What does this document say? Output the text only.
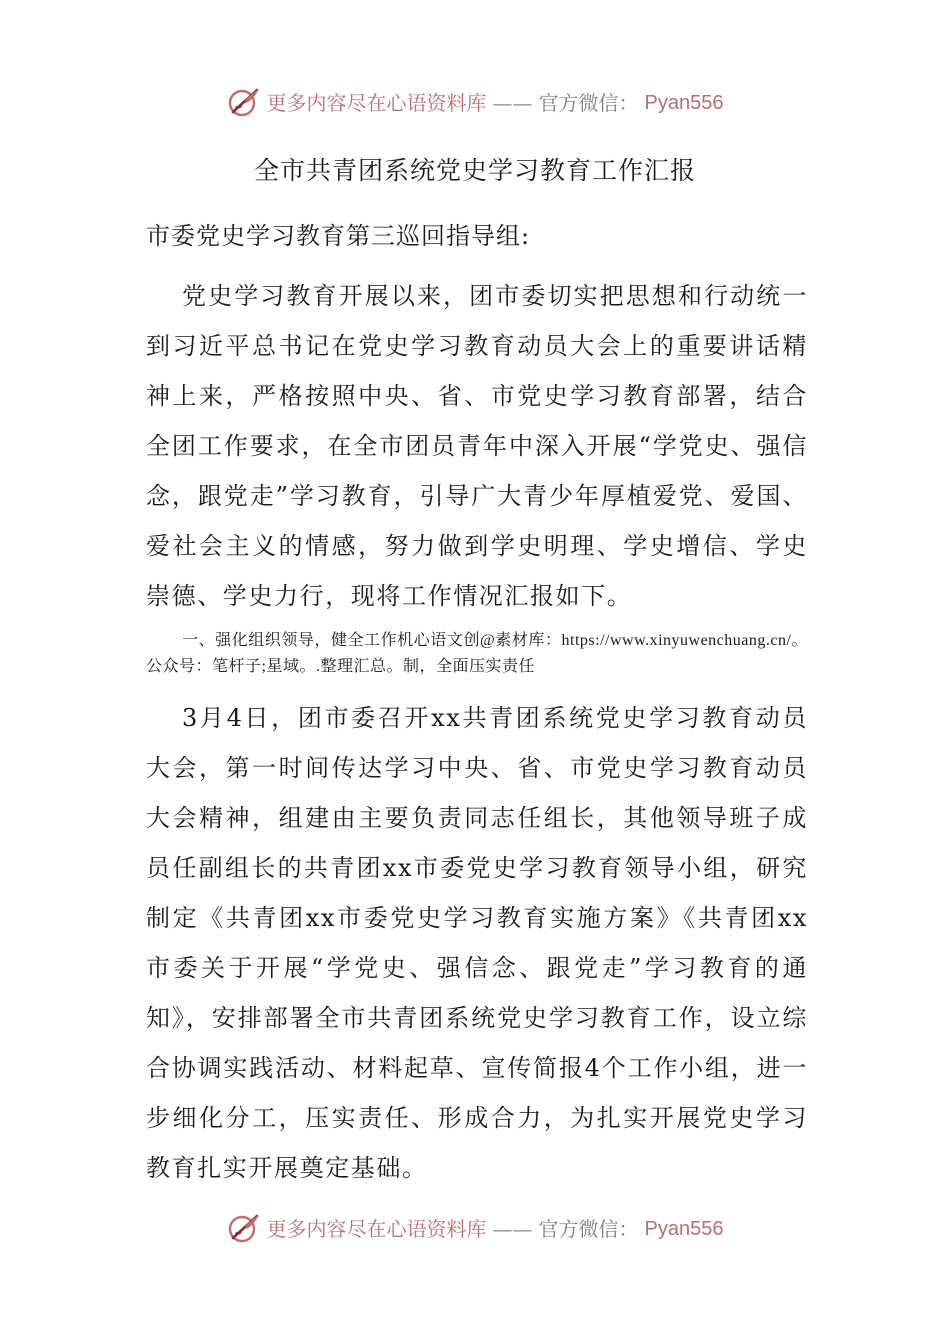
更多内容尽在心语资料库 —— 官方微信： Pyan556
全市共青团系统党史学习教育工作汇报
市委党史学习教育第三巡回指导组:

党史学习教育开展以来，团市委切实把思想和行动统一到习近平总书记在党史学习教育动员大会上的重要讲话精神上来，严格按照中央、省、市党史学习教育部署，结合全团工作要求，在全市团员青年中深入开展“学党史、强信念，跟党走”学习教育，引导广大青少年厚植爱党、爱国、爱社会主义的情感，努力做到学史明理、学史增信、学史崇德、学史力行，现将工作情况汇报如下。

一、强化组织领导，健全工作机心语文创@素材库：https://www.xinyuwenchuang.cn/。公众号：笔杆子;星域。.整理汇总。制，全面压实责任

3月4日，团市委召开xx共青团系统党史学习教育动员大会，第一时间传达学习中央、省、市党史学习教育动员大会精神，组建由主要负责同志任组长，其他领导班子成员任副组长的共青团xx市委党史学习教育领导小组，研究制定《共青团xx市委党史学习教育实施方案》《共青团xx市委关于开展“学党史、强信念、跟党走”学习教育的通知》，安排部署全市共青团系统党史学习教育工作，设立综合协调实践活动、材料起草、宣传简报4个工作小组，进一步细化分工，压实责任、形成合力，为扎实开展党史学习教育扎实开展奠定基础。

更多内容尽在心语资料库 —— 官方微信： Pyan556
